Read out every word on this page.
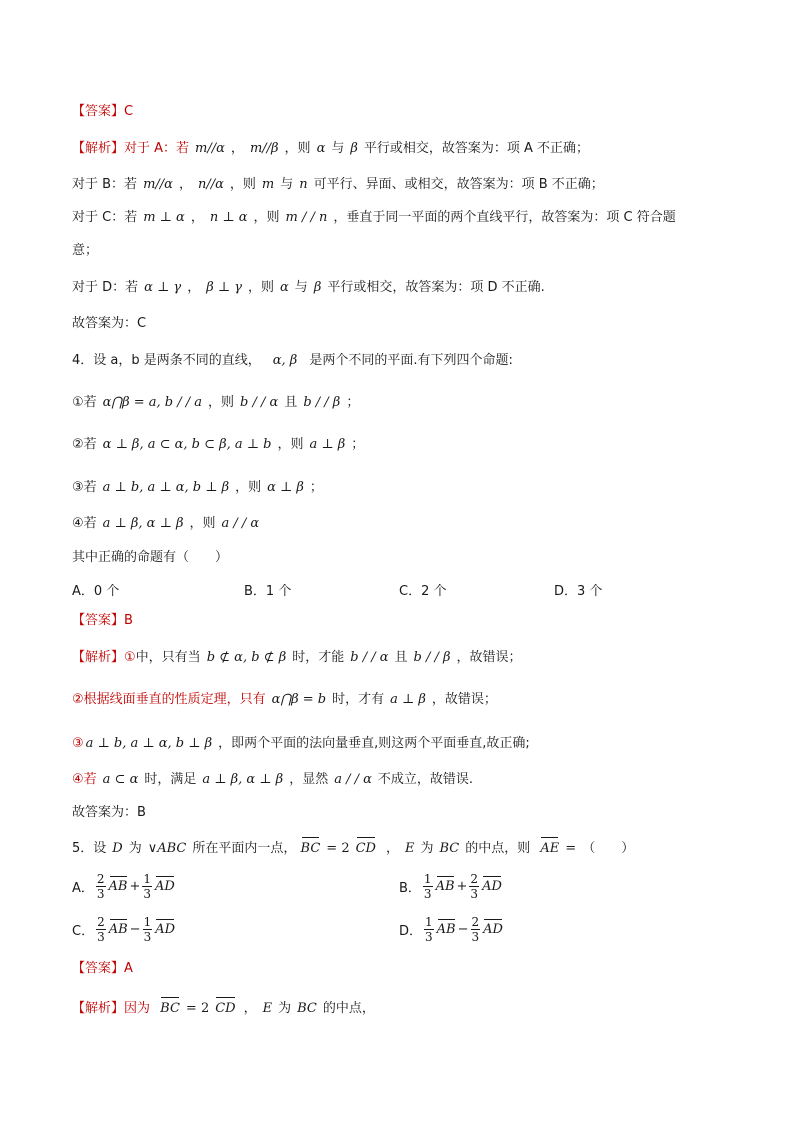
【答案】C
【解析】对于 A：若 m//α ， m//β ，则 α 与 β 平行或相交，故答案为：项 A 不正确；
对于 B：若 m//α ， n//α ，则 m 与 n 可平行、异面、或相交，故答案为：项 B 不正确；
对于 C：若 m ⊥ α ， n ⊥ α ，则 m / / n ，垂直于同一平面的两个直线平行，故答案为：项 C 符合题
意；
对于 D：若 α ⊥ γ ， β ⊥ γ ，则 α 与 β 平行或相交，故答案为：项 D 不正确.
故答案为：C
4．设 a，b 是两条不同的直线， α, β 是两个不同的平面.有下列四个命题:
①若 α⋂β = a, b / / a ，则 b / / α 且 b / / β ；
②若 α ⊥ β, a ⊂ α, b ⊂ β, a ⊥ b ，则 a ⊥ β ；
③若 a ⊥ b, a ⊥ α, b ⊥ β ，则 α ⊥ β ；
④若 a ⊥ β, α ⊥ β ，则 a / / α
其中正确的命题有（　　）
A．0 个	B．1 个	C．2 个	D．3 个
【答案】B
【解析】①中，只有当 b ⊄ α, b ⊄ β 时，才能 b / / α 且 b / / β ，故错误；
②根据线面垂直的性质定理，只有 α⋂β = b 时，才有 a ⊥ β ，故错误；
③ a ⊥ b, a ⊥ α, b ⊥ β ，即两个平面的法向量垂直,则这两个平面垂直,故正确;
④若 a ⊂ α 时，满足 a ⊥ β, α ⊥ β ，显然 a / / α 不成立，故错误.
故答案为：B
5．设 D 为 ∨ABC 所在平面内一点， BC = 2 CD ， E 为 BC 的中点，则 AE = （　　）
A． $\frac{2}{3}$ AB + $\frac{1}{3}$ AD	B． $\frac{1}{3}$ AB + $\frac{2}{3}$ AD
C． $\frac{2}{3}$ AB − $\frac{1}{3}$ AD	D． $\frac{1}{3}$ AB − $\frac{2}{3}$ AD
【答案】A
【解析】因为 BC = 2 CD ， E 为 BC 的中点，
